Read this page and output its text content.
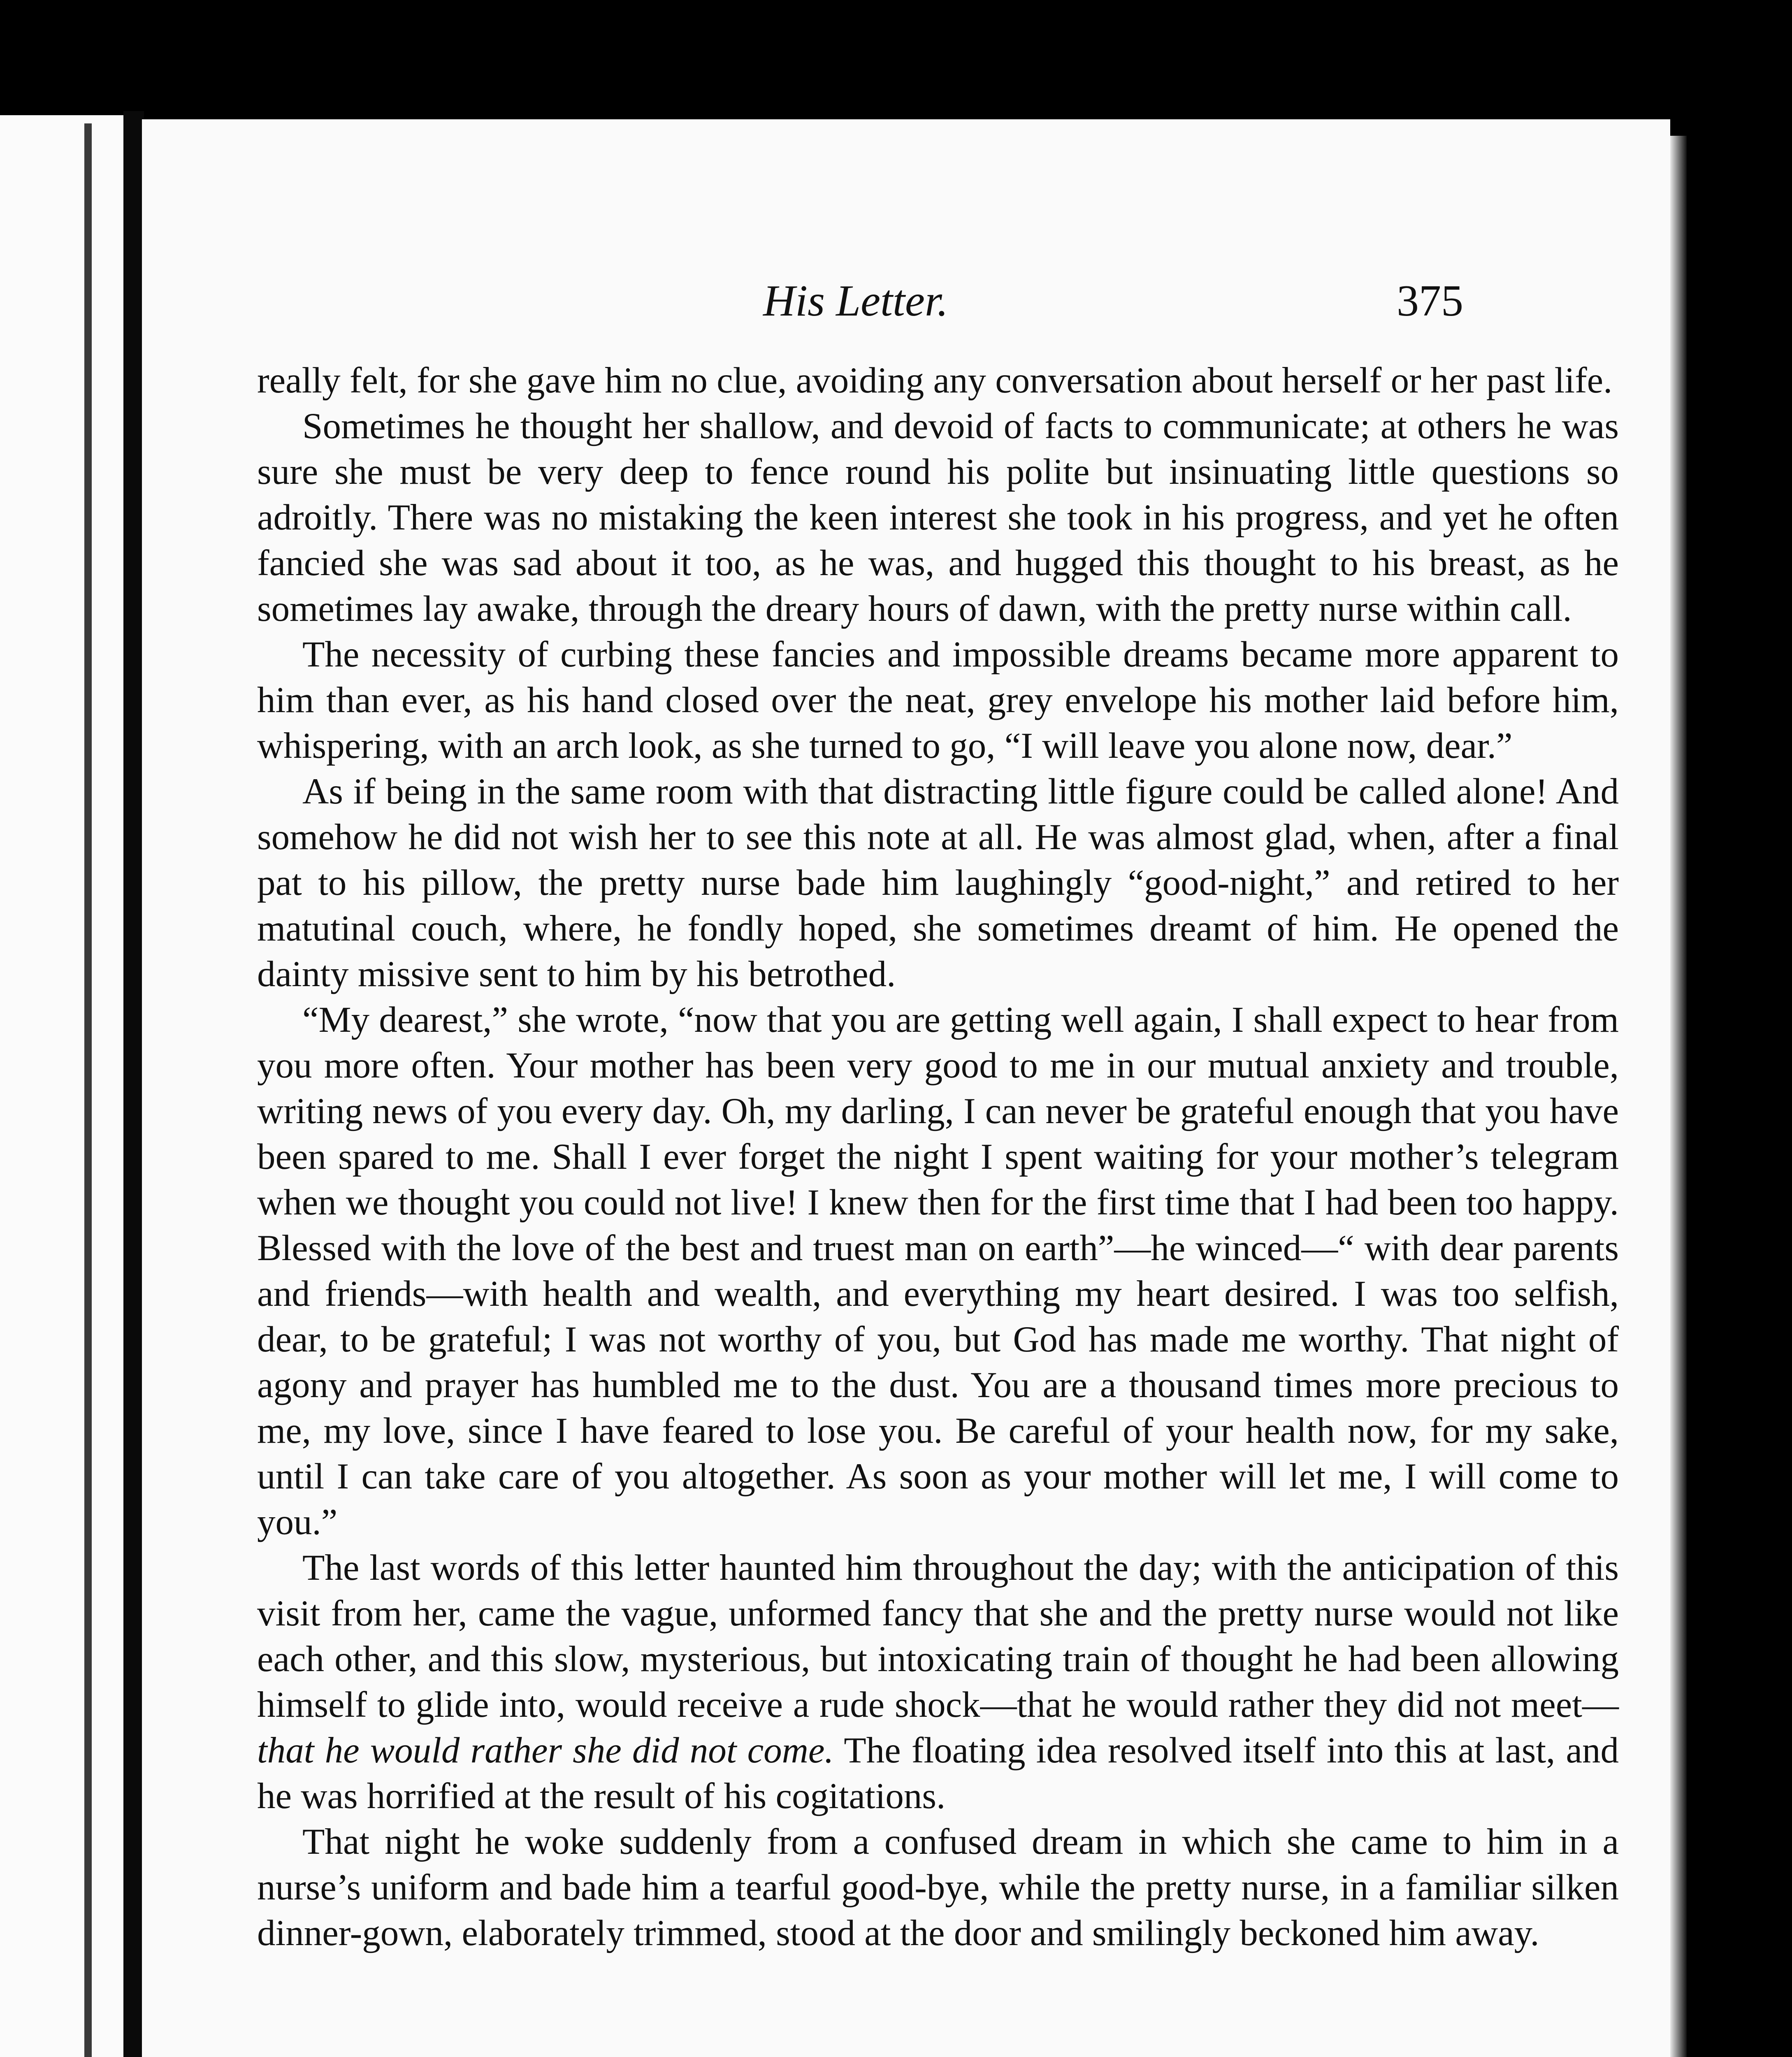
His Letter.	375

really felt, for she gave him no clue, avoiding any conversation about herself or her past life.

Sometimes he thought her shallow, and devoid of facts to communicate; at others he was sure she must be very deep to fence round his polite but insinuating little questions so adroitly. There was no mistaking the keen interest she took in his progress, and yet he often fancied she was sad about it too, as he was, and hugged this thought to his breast, as he sometimes lay awake, through the dreary hours of dawn, with the pretty nurse within call.

The necessity of curbing these fancies and impossible dreams became more apparent to him than ever, as his hand closed over the neat, grey envelope his mother laid before him, whispering, with an arch look, as she turned to go, “I will leave you alone now, dear.”

As if being in the same room with that distracting little figure could be called alone! And somehow he did not wish her to see this note at all. He was almost glad, when, after a final pat to his pillow, the pretty nurse bade him laughingly “good-night,” and retired to her matutinal couch, where, he fondly hoped, she sometimes dreamt of him. He opened the dainty missive sent to him by his betrothed.

“My dearest,” she wrote, “now that you are getting well again, I shall expect to hear from you more often. Your mother has been very good to me in our mutual anxiety and trouble, writing news of you every day. Oh, my darling, I can never be grateful enough that you have been spared to me. Shall I ever forget the night I spent waiting for your mother’s telegram when we thought you could not live! I knew then for the first time that I had been too happy. Blessed with the love of the best and truest man on earth”—he winced—“ with dear parents and friends—with health and wealth, and everything my heart desired. I was too selfish, dear, to be grateful; I was not worthy of you, but God has made me worthy. That night of agony and prayer has humbled me to the dust. You are a thousand times more precious to me, my love, since I have feared to lose you. Be careful of your health now, for my sake, until I can take care of you altogether. As soon as your mother will let me, I will come to you.”

The last words of this letter haunted him throughout the day; with the anticipation of this visit from her, came the vague, unformed fancy that she and the pretty nurse would not like each other, and this slow, mysterious, but intoxicating train of thought he had been allowing himself to glide into, would receive a rude shock—that he would rather they did not meet—that he would rather she did not come. The floating idea resolved itself into this at last, and he was horrified at the result of his cogitations.

That night he woke suddenly from a confused dream in which she came to him in a nurse’s uniform and bade him a tearful good-bye, while the pretty nurse, in a familiar silken dinner-gown, elaborately trimmed, stood at the door and smilingly beckoned him away.
